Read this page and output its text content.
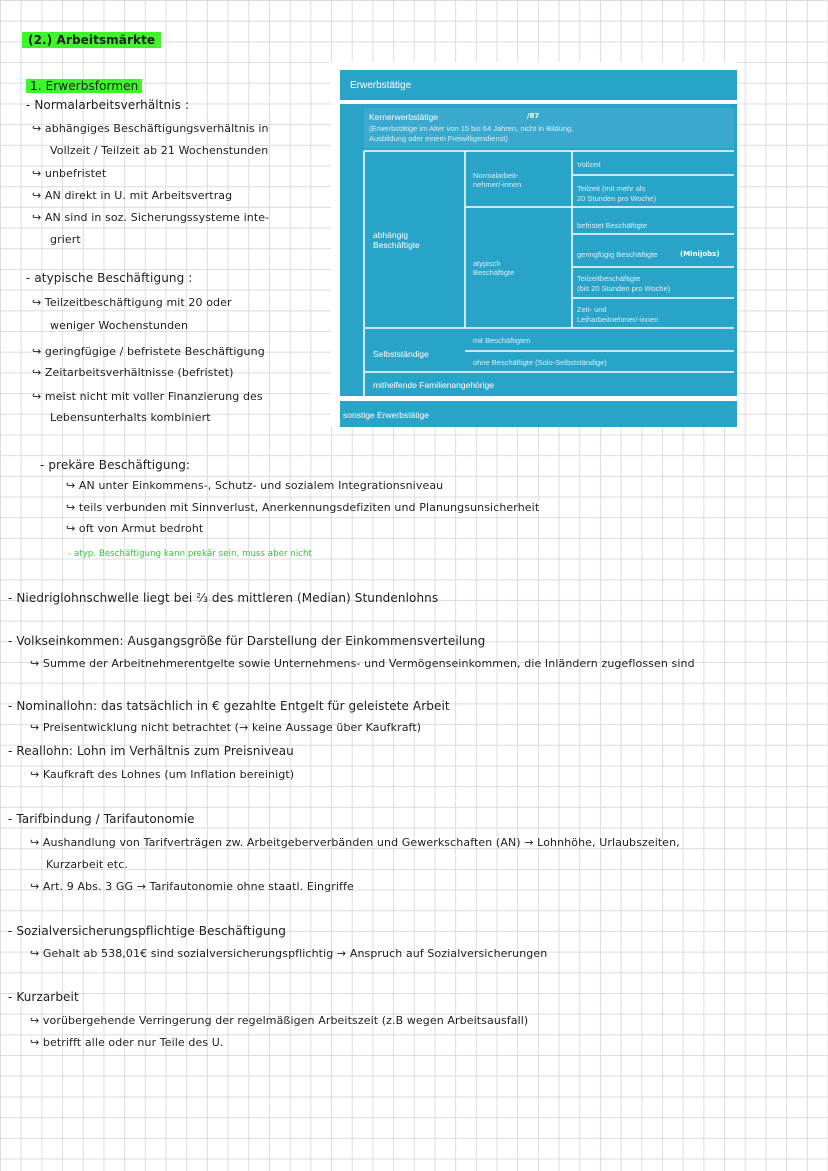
(2.) Arbeitsmärkte
1. Erwerbsformen
- Normalarbeitsverhältnis :
↪ abhängiges Beschäftigungsverhältnis in
Vollzeit / Teilzeit ab 21 Wochenstunden
↪ unbefristet
↪ AN direkt in U. mit Arbeitsvertrag
↪ AN sind in soz. Sicherungssysteme inte-
griert
- atypische Beschäftigung :
↪ Teilzeitbeschäftigung mit 20 oder
weniger Wochenstunden
↪ geringfügige / befristete Beschäftigung
↪ Zeitarbeitsverhältnisse (befristet)
↪ meist nicht mit voller Finanzierung des
Lebensunterhalts kombiniert
Erwerbstätige
Kernerwerbstätige	/87
(Erwerbstätige im Alter von 15 bis 64 Jahren, nicht in Bildung,
Ausbildung oder einem Freiwilligendienst)
abhängig
Beschäftigte
Normalarbeit-
nehmer/-innen
Vollzeit
Teilzeit (mit mehr als
20 Stunden pro Woche)
atypisch
Beschäftigte
befristet Beschäftigte
geringfügig Beschäftigte	(Minijobs)
Teilzeitbeschäftigte
(bis 20 Stunden pro Woche)
Zeit- und
Leiharbeitnehmer/-innen
Selbstständige
mit Beschäftigten
ohne Beschäftigte (Solo-Selbstständige)
mithelfende Familienangehörige
sonstige Erwerbstätige
- prekäre Beschäftigung:
↪ AN unter Einkommens-, Schutz- und sozialem Integrationsniveau
↪ teils verbunden mit Sinnverlust, Anerkennungsdefiziten und Planungsunsicherheit
↪ oft von Armut bedroht
- atyp. Beschäftigung kann prekär sein, muss aber nicht
- Niedriglohnschwelle liegt bei ⅔ des mittleren (Median) Stundenlohns
- Volkseinkommen: Ausgangsgröße für Darstellung der Einkommensverteilung
↪ Summe der Arbeitnehmerentgelte sowie Unternehmens- und Vermögenseinkommen, die Inländern zugeflossen sind
- Nominallohn: das tatsächlich in € gezahlte Entgelt für geleistete Arbeit
↪ Preisentwicklung nicht betrachtet (→ keine Aussage über Kaufkraft)
- Reallohn: Lohn im Verhältnis zum Preisniveau
↪ Kaufkraft des Lohnes (um Inflation bereinigt)
- Tarifbindung / Tarifautonomie
↪ Aushandlung von Tarifverträgen zw. Arbeitgeberverbänden und Gewerkschaften (AN) → Lohnhöhe, Urlaubszeiten,
Kurzarbeit etc.
↪ Art. 9 Abs. 3 GG → Tarifautonomie ohne staatl. Eingriffe
- Sozialversicherungspflichtige Beschäftigung
↪ Gehalt ab 538,01€ sind sozialversicherungspflichtig → Anspruch auf Sozialversicherungen
- Kurzarbeit
↪ vorübergehende Verringerung der regelmäßigen Arbeitszeit (z.B wegen Arbeitsausfall)
↪ betrifft alle oder nur Teile des U.
